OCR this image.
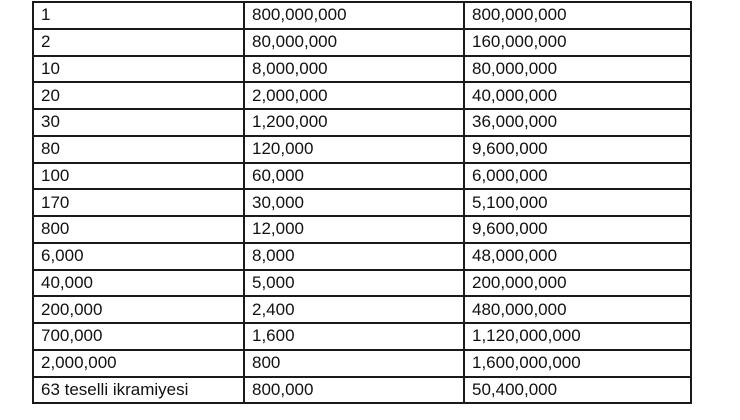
1	800,000,000	800,000,000
2	80,000,000	160,000,000
10	8,000,000	80,000,000
20	2,000,000	40,000,000
30	1,200,000	36,000,000
80	120,000	9,600,000
100	60,000	6,000,000
170	30,000	5,100,000
800	12,000	9,600,000
6,000	8,000	48,000,000
40,000	5,000	200,000,000
200,000	2,400	480,000,000
700,000	1,600	1,120,000,000
2,000,000	800	1,600,000,000
63 teselli ikramiyesi	800,000	50,400,000
